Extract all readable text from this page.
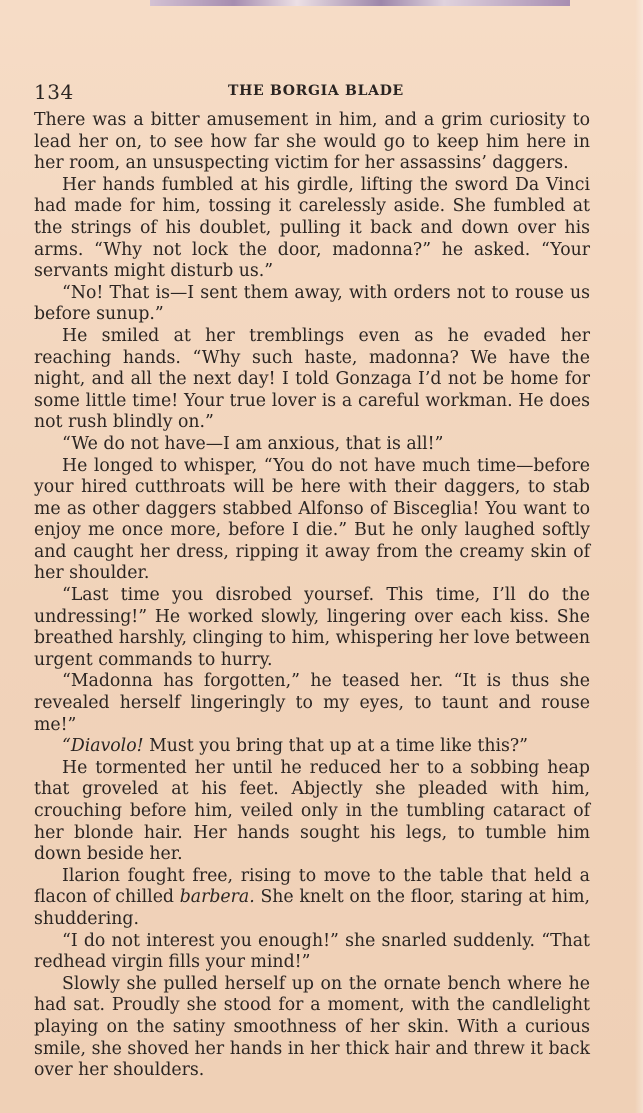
134	THE BORGIA BLADE

There was a bitter amusement in him, and a grim curiosity to lead her on, to see how far she would go to keep him here in her room, an unsuspecting victim for her assassins’ daggers.

Her hands fumbled at his girdle, lifting the sword Da Vinci had made for him, tossing it carelessly aside. She fumbled at the strings of his doublet, pulling it back and down over his arms. “Why not lock the door, madonna?” he asked. “Your servants might disturb us.”

“No! That is—I sent them away, with orders not to rouse us before sunup.”

He smiled at her tremblings even as he evaded her reaching hands. “Why such haste, madonna? We have the night, and all the next day! I told Gonzaga I’d not be home for some little time! Your true lover is a careful workman. He does not rush blindly on.”

“We do not have—I am anxious, that is all!”

He longed to whisper, “You do not have much time—before your hired cutthroats will be here with their daggers, to stab me as other daggers stabbed Alfonso of Bisceglia! You want to enjoy me once more, before I die.” But he only laughed softly and caught her dress, ripping it away from the creamy skin of her shoulder.

“Last time you disrobed yoursef. This time, I’ll do the undressing!” He worked slowly, lingering over each kiss. She breathed harshly, clinging to him, whispering her love between urgent commands to hurry.

“Madonna has forgotten,” he teased her. “It is thus she revealed herself lingeringly to my eyes, to taunt and rouse me!”

“Diavolo! Must you bring that up at a time like this?”

He tormented her until he reduced her to a sobbing heap that groveled at his feet. Abjectly she pleaded with him, crouching before him, veiled only in the tumbling cataract of her blonde hair. Her hands sought his legs, to tumble him down beside her.

Ilarion fought free, rising to move to the table that held a flacon of chilled barbera. She knelt on the floor, staring at him, shuddering.

“I do not interest you enough!” she snarled suddenly. “That redhead virgin fills your mind!”

Slowly she pulled herself up on the ornate bench where he had sat. Proudly she stood for a moment, with the candlelight playing on the satiny smoothness of her skin. With a curious smile, she shoved her hands in her thick hair and threw it back over her shoulders.
